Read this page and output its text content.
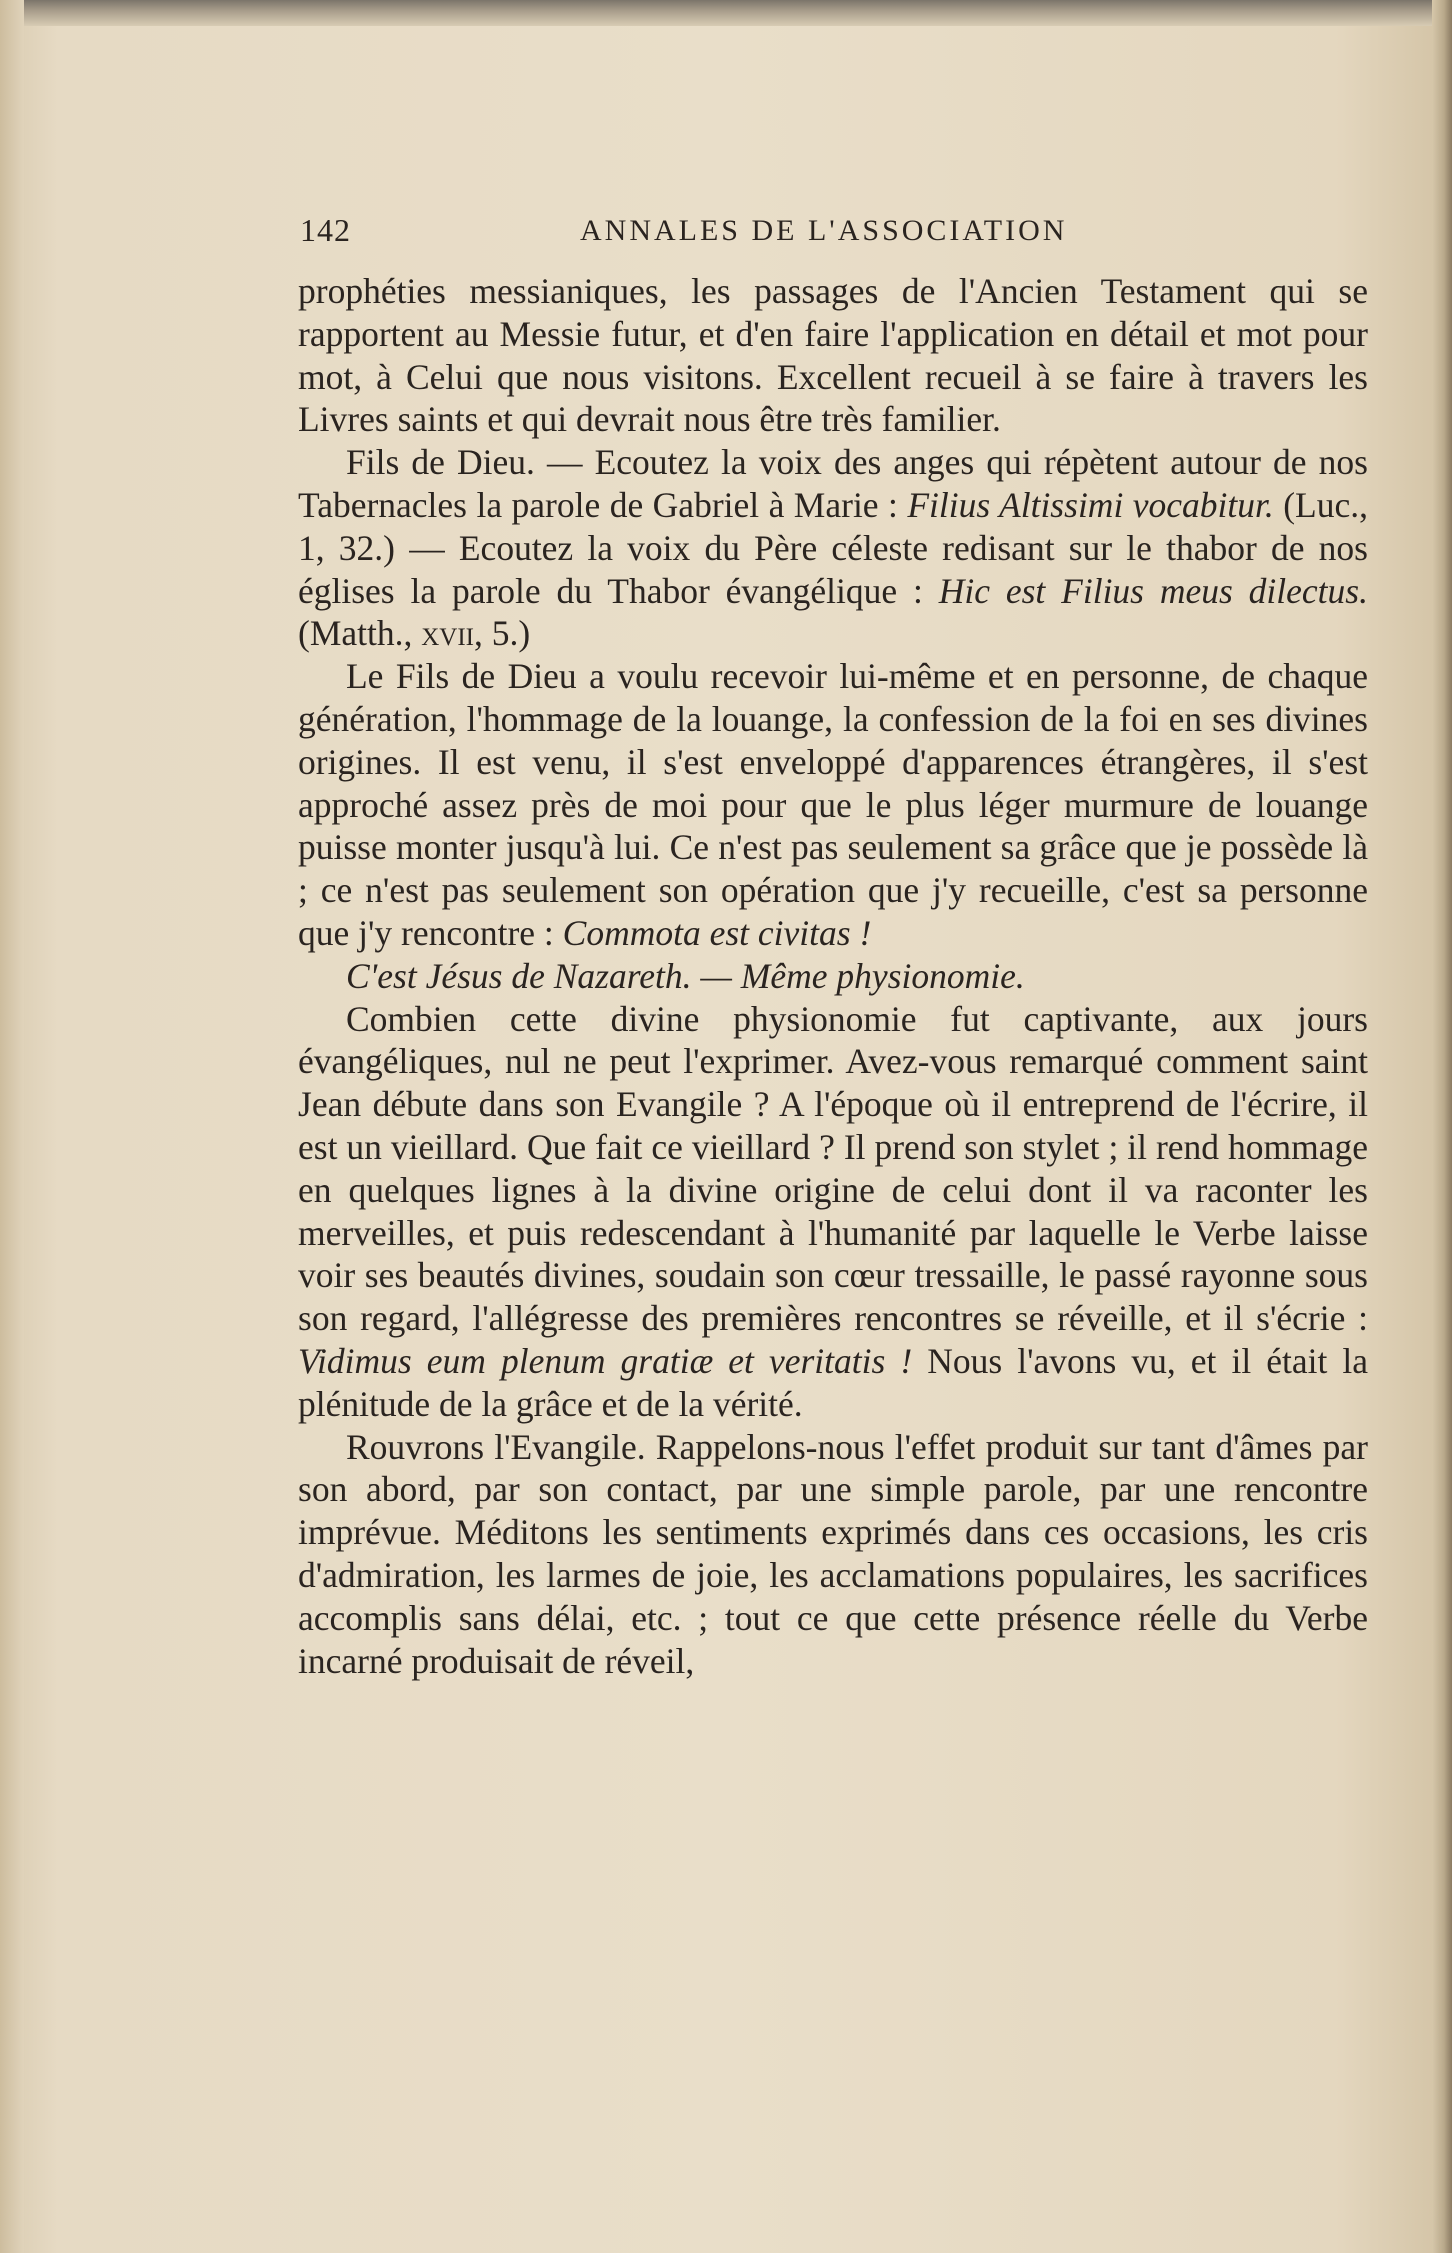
142	ANNALES DE L'ASSOCIATION

prophéties messianiques, les passages de l'Ancien Testament qui se rapportent au Messie futur, et d'en faire l'application en détail et mot pour mot, à Celui que nous visitons. Excellent recueil à se faire à travers les Livres saints et qui devrait nous être très familier.

Fils de Dieu. — Ecoutez la voix des anges qui répètent autour de nos Tabernacles la parole de Gabriel à Marie : Filius Altissimi vocabitur. (Luc., 1, 32.) — Ecoutez la voix du Père céleste redisant sur le thabor de nos églises la parole du Thabor évangélique : Hic est Filius meus dilectus. (Matth., xvii, 5.)

Le Fils de Dieu a voulu recevoir lui-même et en personne, de chaque génération, l'hommage de la louange, la confession de la foi en ses divines origines. Il est venu, il s'est enveloppé d'apparences étrangères, il s'est approché assez près de moi pour que le plus léger murmure de louange puisse monter jusqu'à lui. Ce n'est pas seulement sa grâce que je possède là ; ce n'est pas seulement son opération que j'y recueille, c'est sa personne que j'y rencontre : Commota est civitas !

C'est Jésus de Nazareth. — Même physionomie.

Combien cette divine physionomie fut captivante, aux jours évangéliques, nul ne peut l'exprimer. Avez-vous remarqué comment saint Jean débute dans son Evangile ? A l'époque où il entreprend de l'écrire, il est un vieillard. Que fait ce vieillard ? Il prend son stylet ; il rend hommage en quelques lignes à la divine origine de celui dont il va raconter les merveilles, et puis redescendant à l'humanité par laquelle le Verbe laisse voir ses beautés divines, soudain son cœur tressaille, le passé rayonne sous son regard, l'allégresse des premières rencontres se réveille, et il s'écrie : Vidimus eum plenum gratiæ et veritatis ! Nous l'avons vu, et il était la plénitude de la grâce et de la vérité.

Rouvrons l'Evangile. Rappelons-nous l'effet produit sur tant d'âmes par son abord, par son contact, par une simple parole, par une rencontre imprévue. Méditons les sentiments exprimés dans ces occasions, les cris d'admiration, les larmes de joie, les acclamations populaires, les sacrifices accomplis sans délai, etc. ; tout ce que cette présence réelle du Verbe incarné produisait de réveil,
